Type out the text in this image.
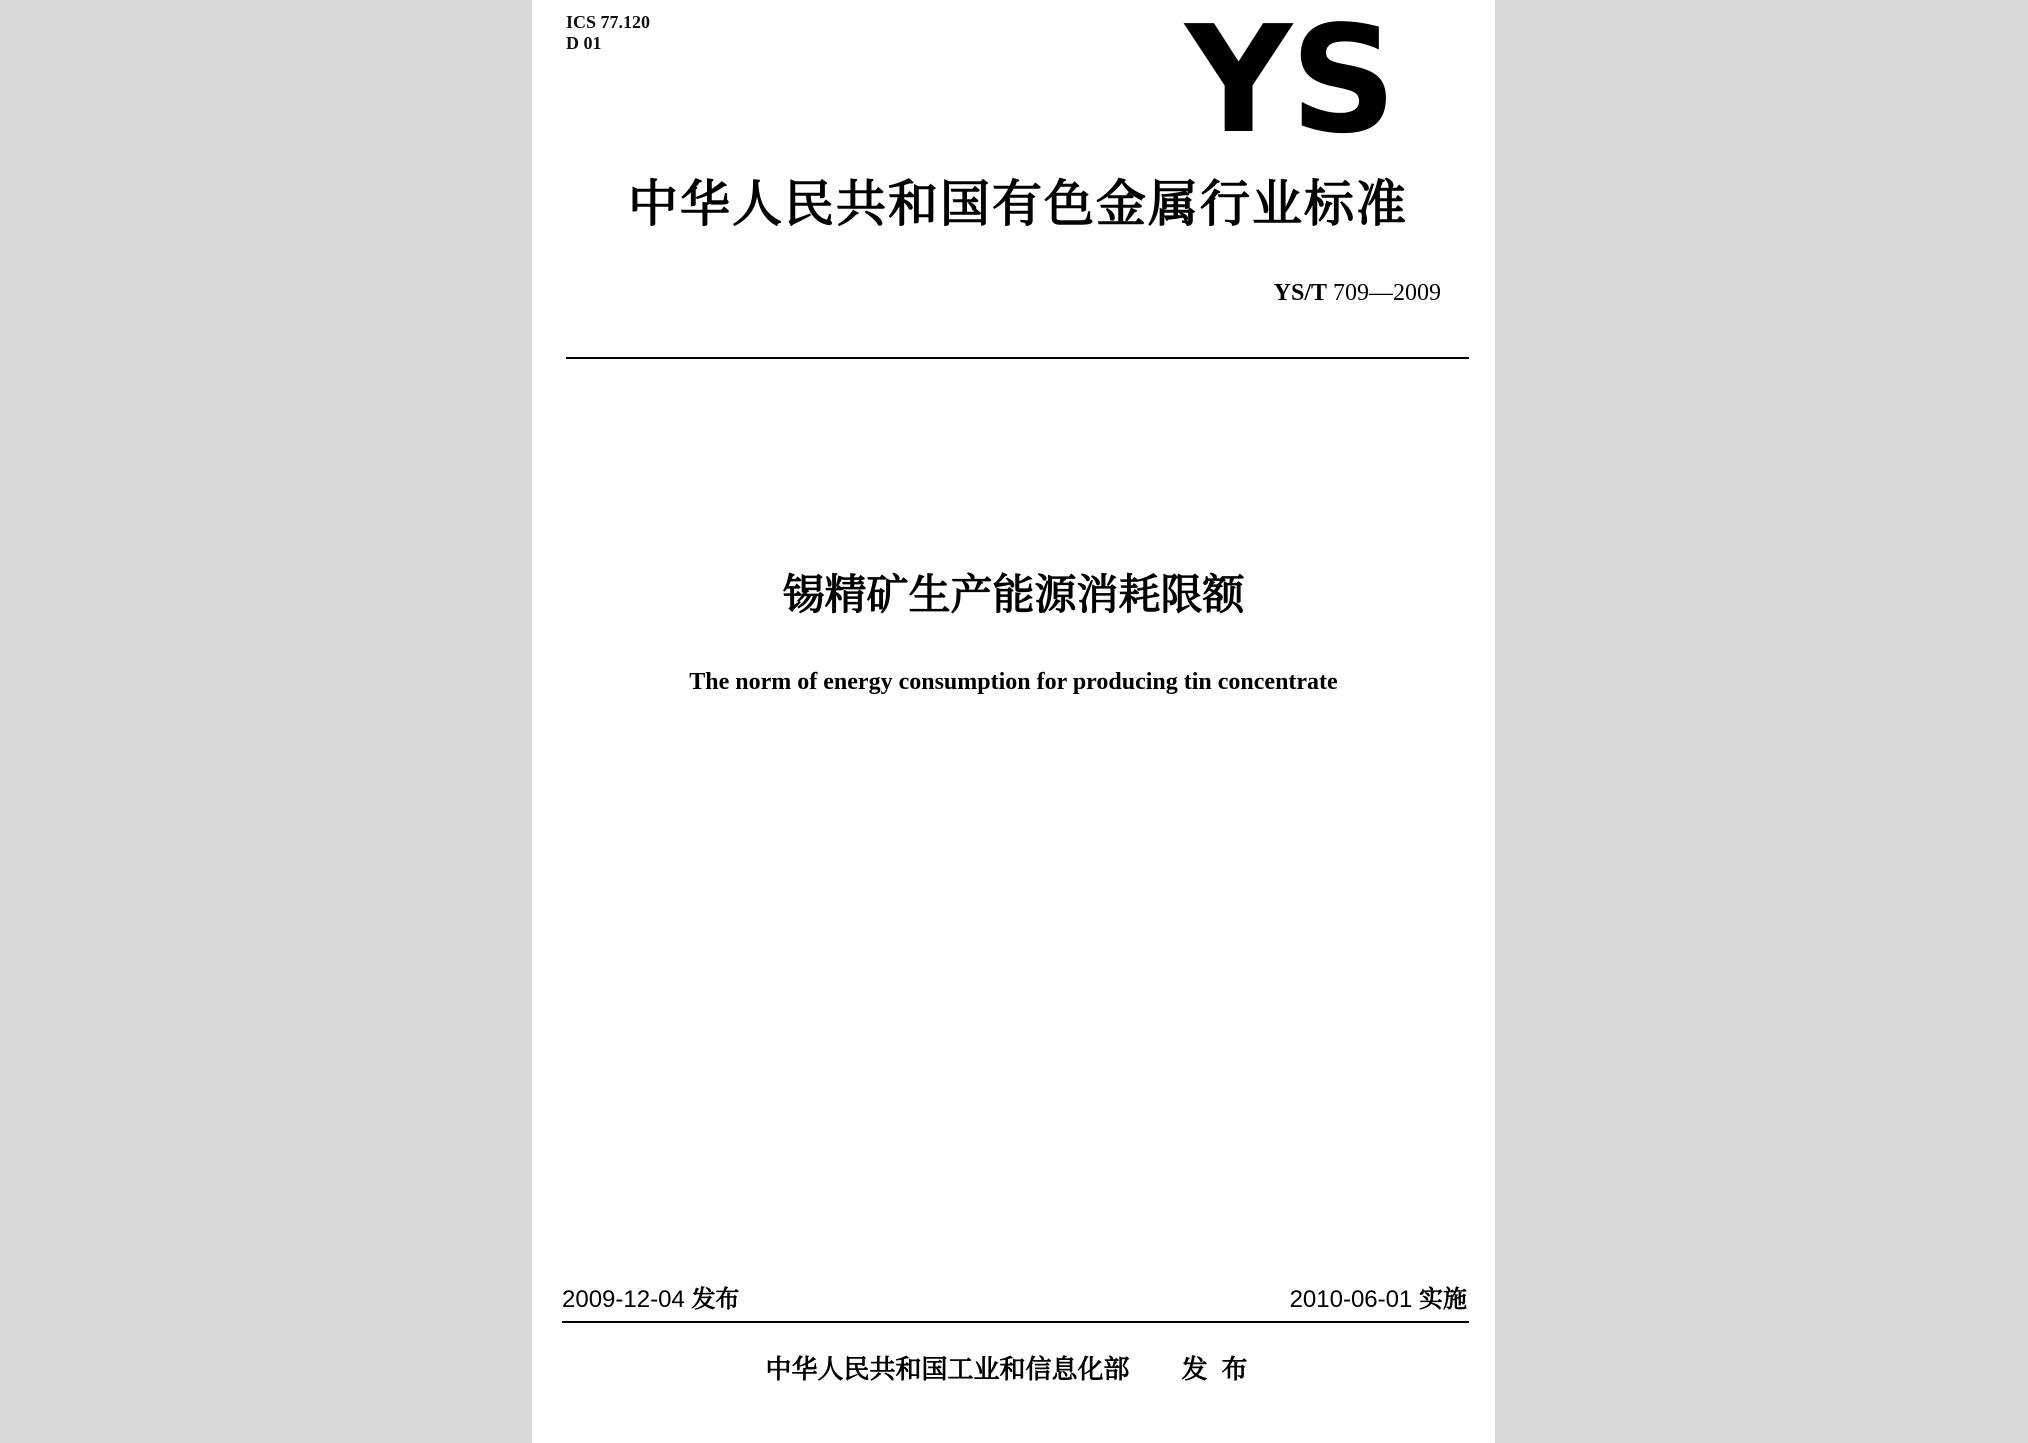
ICS 77.120
D 01	YS
中华人民共和国有色金属行业标准
YS/T 709—2009
锡精矿生产能源消耗限额
The norm of energy consumption for producing tin concentrate
2009-12-04 发布	2010-06-01 实施
中华人民共和国工业和信息化部 发布
